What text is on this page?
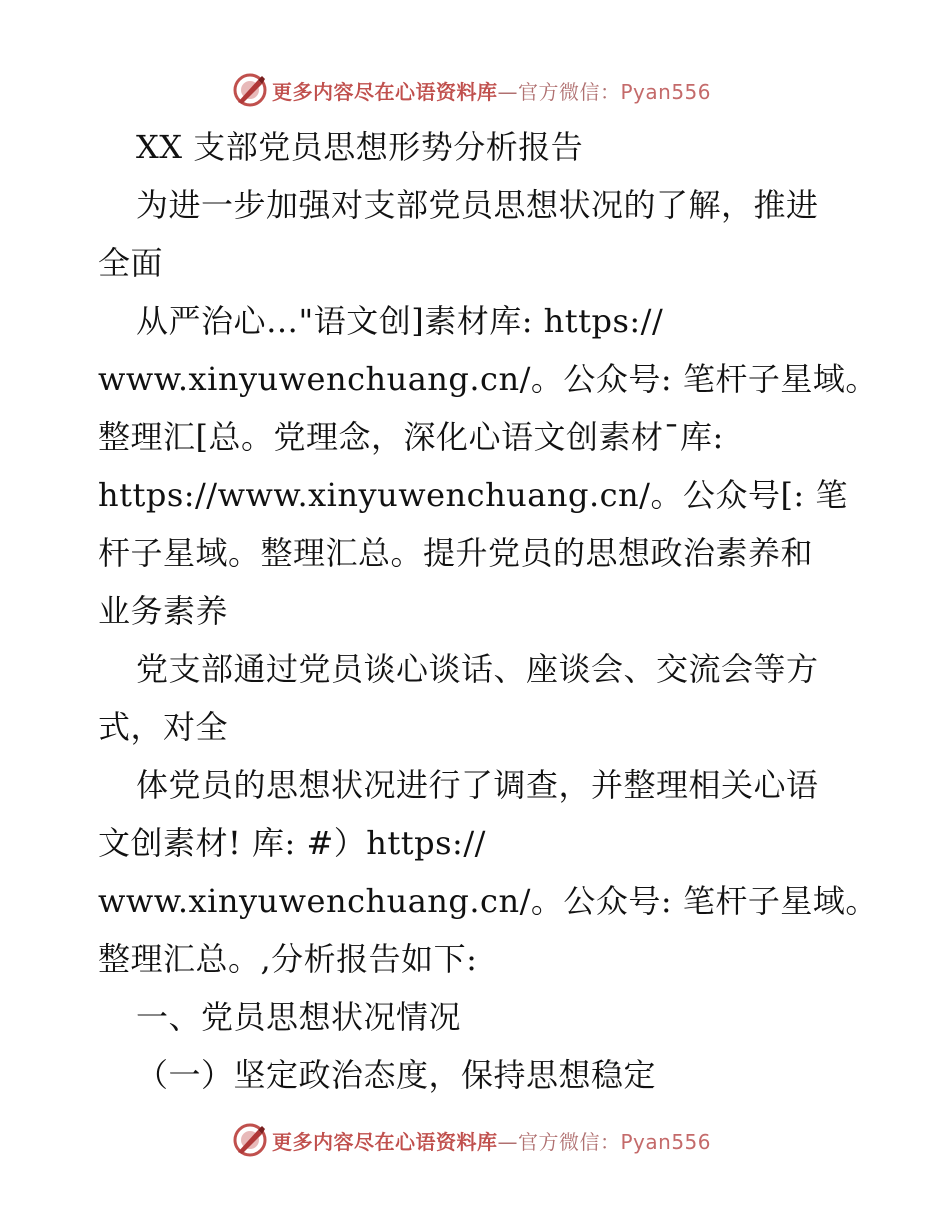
更多内容尽在心语资料库—官方微信：Pyan556
XX 支部党员思想形势分析报告
为进一步加强对支部党员思想状况的了解，推进
全面
从严治心…"语文创]素材库: https://
www.xinyuwenchuang.cn/。公众号: 笔杆子星域。
整理汇[总。党理念，深化心语文创素材¯库:
https://www.xinyuwenchuang.cn/。公众号[: 笔
杆子星域。整理汇总。提升党员的思想政治素养和
业务素养
党支部通过党员谈心谈话、座谈会、交流会等方
式，对全
体党员的思想状况进行了调查，并整理相关心语
文创素材! 库: #）https://
www.xinyuwenchuang.cn/。公众号: 笔杆子星域。
整理汇总。,分析报告如下:
一、党员思想状况情况
（一）坚定政治态度，保持思想稳定
更多内容尽在心语资料库—官方微信：Pyan556
